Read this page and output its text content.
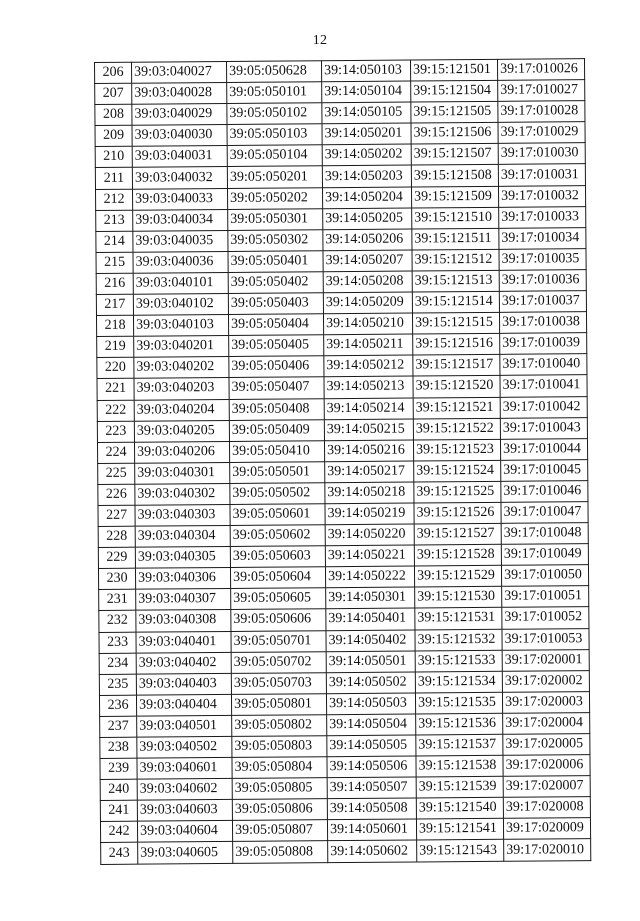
12
206	39:03:040027	39:05:050628	39:14:050103	39:15:121501	39:17:010026
207	39:03:040028	39:05:050101	39:14:050104	39:15:121504	39:17:010027
208	39:03:040029	39:05:050102	39:14:050105	39:15:121505	39:17:010028
209	39:03:040030	39:05:050103	39:14:050201	39:15:121506	39:17:010029
210	39:03:040031	39:05:050104	39:14:050202	39:15:121507	39:17:010030
211	39:03:040032	39:05:050201	39:14:050203	39:15:121508	39:17:010031
212	39:03:040033	39:05:050202	39:14:050204	39:15:121509	39:17:010032
213	39:03:040034	39:05:050301	39:14:050205	39:15:121510	39:17:010033
214	39:03:040035	39:05:050302	39:14:050206	39:15:121511	39:17:010034
215	39:03:040036	39:05:050401	39:14:050207	39:15:121512	39:17:010035
216	39:03:040101	39:05:050402	39:14:050208	39:15:121513	39:17:010036
217	39:03:040102	39:05:050403	39:14:050209	39:15:121514	39:17:010037
218	39:03:040103	39:05:050404	39:14:050210	39:15:121515	39:17:010038
219	39:03:040201	39:05:050405	39:14:050211	39:15:121516	39:17:010039
220	39:03:040202	39:05:050406	39:14:050212	39:15:121517	39:17:010040
221	39:03:040203	39:05:050407	39:14:050213	39:15:121520	39:17:010041
222	39:03:040204	39:05:050408	39:14:050214	39:15:121521	39:17:010042
223	39:03:040205	39:05:050409	39:14:050215	39:15:121522	39:17:010043
224	39:03:040206	39:05:050410	39:14:050216	39:15:121523	39:17:010044
225	39:03:040301	39:05:050501	39:14:050217	39:15:121524	39:17:010045
226	39:03:040302	39:05:050502	39:14:050218	39:15:121525	39:17:010046
227	39:03:040303	39:05:050601	39:14:050219	39:15:121526	39:17:010047
228	39:03:040304	39:05:050602	39:14:050220	39:15:121527	39:17:010048
229	39:03:040305	39:05:050603	39:14:050221	39:15:121528	39:17:010049
230	39:03:040306	39:05:050604	39:14:050222	39:15:121529	39:17:010050
231	39:03:040307	39:05:050605	39:14:050301	39:15:121530	39:17:010051
232	39:03:040308	39:05:050606	39:14:050401	39:15:121531	39:17:010052
233	39:03:040401	39:05:050701	39:14:050402	39:15:121532	39:17:010053
234	39:03:040402	39:05:050702	39:14:050501	39:15:121533	39:17:020001
235	39:03:040403	39:05:050703	39:14:050502	39:15:121534	39:17:020002
236	39:03:040404	39:05:050801	39:14:050503	39:15:121535	39:17:020003
237	39:03:040501	39:05:050802	39:14:050504	39:15:121536	39:17:020004
238	39:03:040502	39:05:050803	39:14:050505	39:15:121537	39:17:020005
239	39:03:040601	39:05:050804	39:14:050506	39:15:121538	39:17:020006
240	39:03:040602	39:05:050805	39:14:050507	39:15:121539	39:17:020007
241	39:03:040603	39:05:050806	39:14:050508	39:15:121540	39:17:020008
242	39:03:040604	39:05:050807	39:14:050601	39:15:121541	39:17:020009
243	39:03:040605	39:05:050808	39:14:050602	39:15:121543	39:17:020010
